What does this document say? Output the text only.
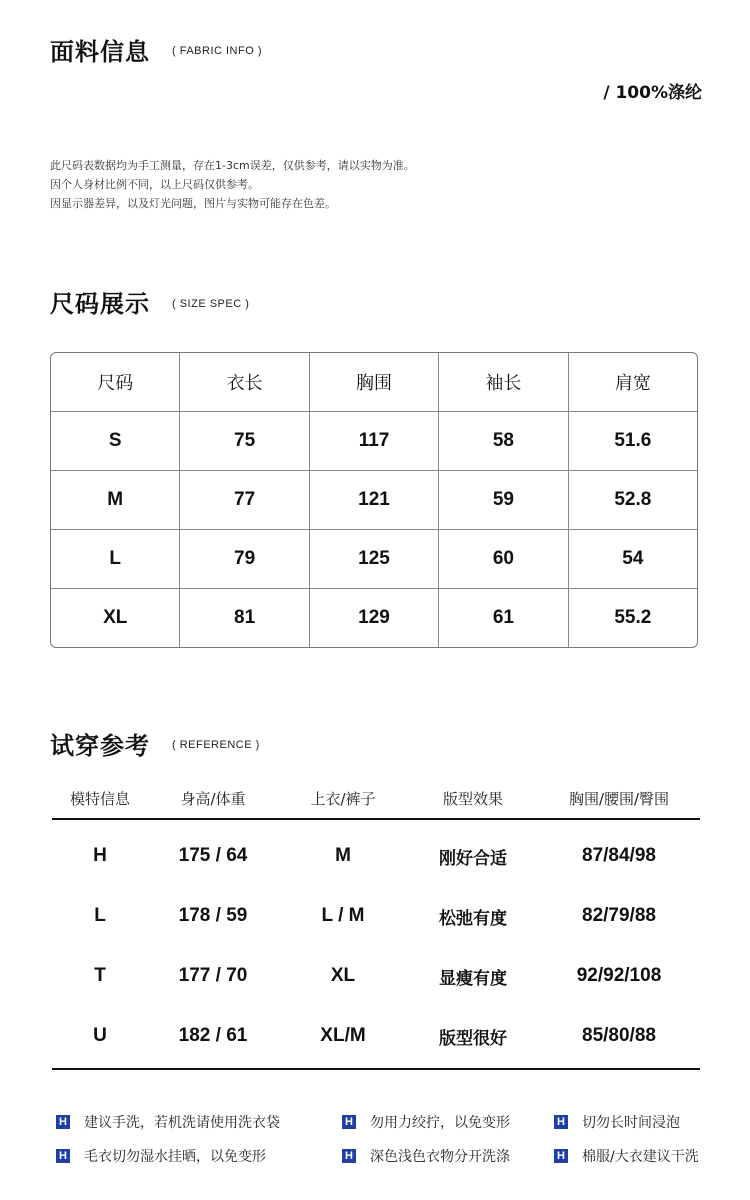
面料信息 ( FABRIC INFO )
/ 100%涤纶
此尺码表数据均为手工测量，存在1-3cm误差，仅供参考，请以实物为准。
因个人身材比例不同，以上尺码仅供参考。
因显示器差异，以及灯光问题，图片与实物可能存在色差。
尺码展示 ( SIZE SPEC )
尺码	衣长	胸围	袖长	肩宽
S	75	117	58	51.6
M	77	121	59	52.8
L	79	125	60	54
XL	81	129	61	55.2
试穿参考 ( REFERENCE )
模特信息	身高/体重	上衣/裤子	版型效果	胸围/腰围/臀围
H	175 / 64	M	刚好合适	87/84/98
L	178 / 59	L / M	松弛有度	82/79/88
T	177 / 70	XL	显瘦有度	92/92/108
U	182 / 61	XL/M	版型很好	85/80/88
H 建议手洗，若机洗请使用洗衣袋	H 勿用力绞拧，以免变形	H 切勿长时间浸泡
H 毛衣切勿湿水挂晒，以免变形	H 深色浅色衣物分开洗涤	H 棉服/大衣建议干洗
